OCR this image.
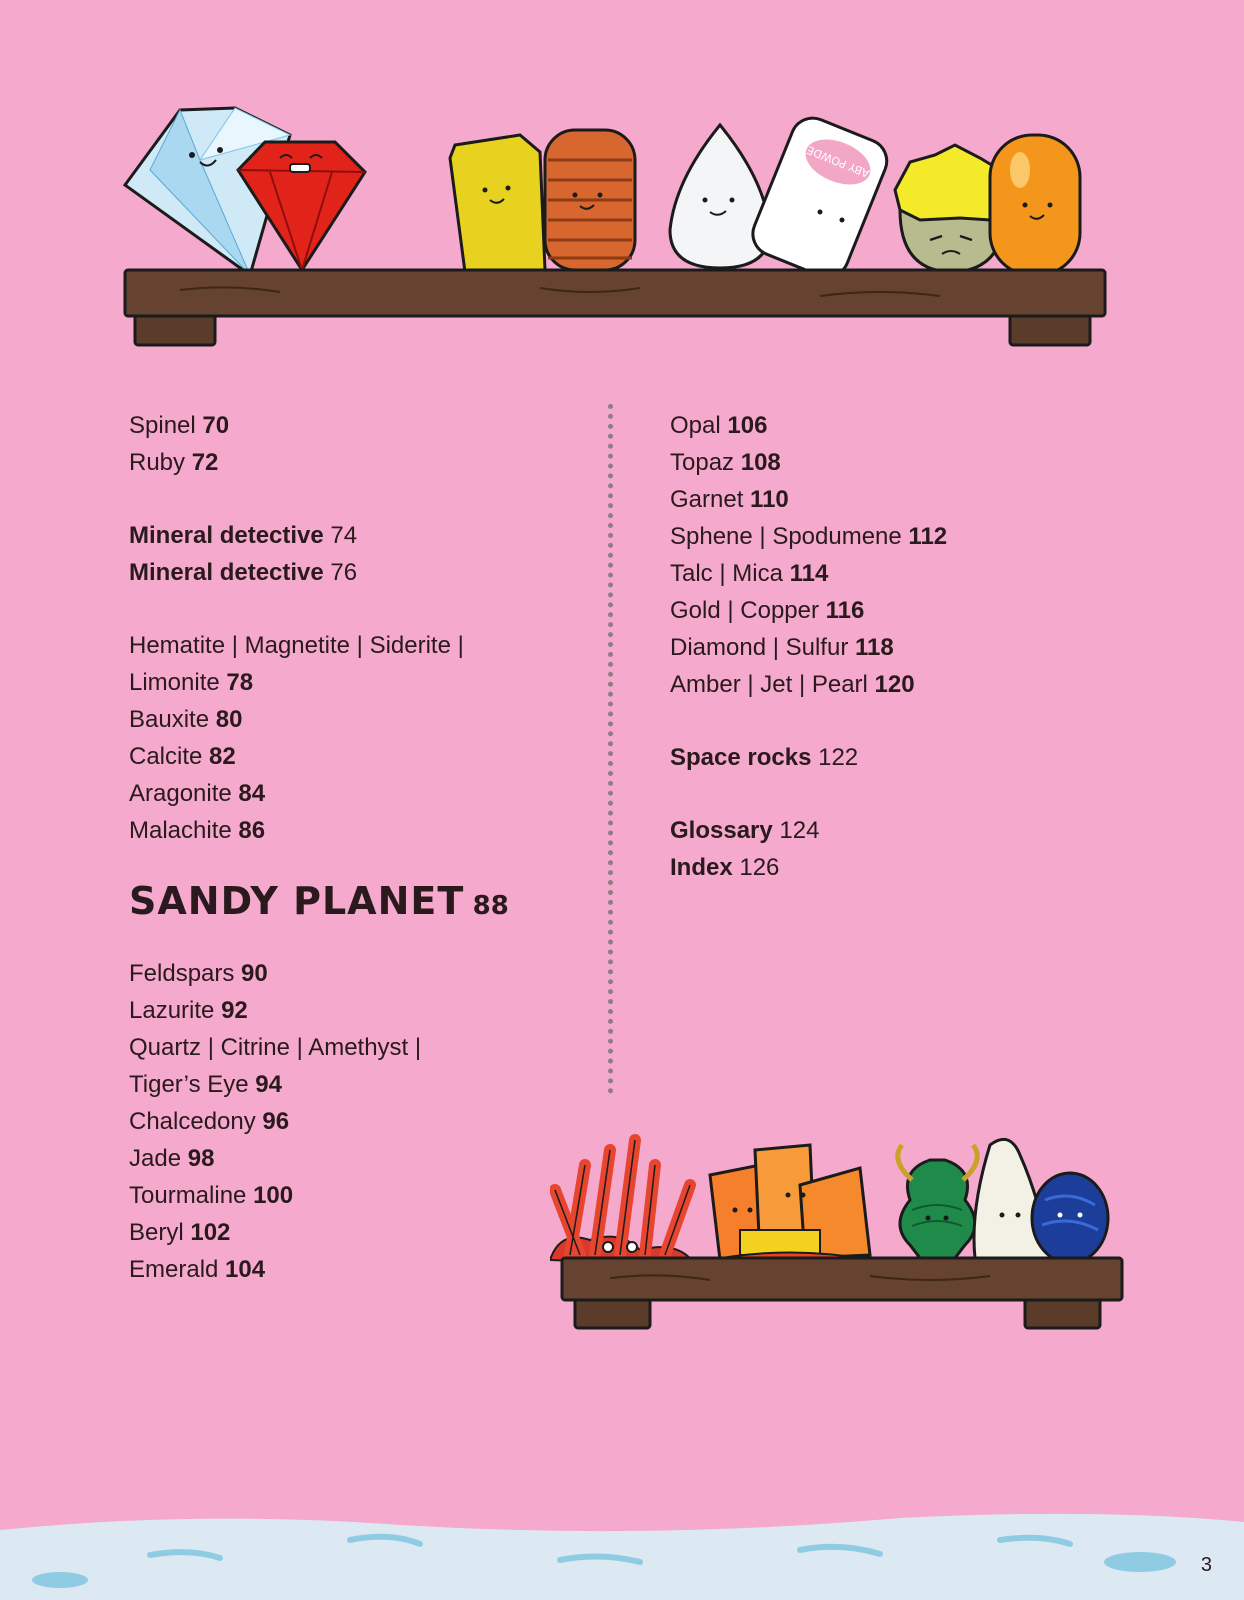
BABY POWDER
Spinel 70
Ruby 72
Mineral detective 74
Mineral detective 76
Hematite | Magnetite | Siderite |
Limonite 78
Bauxite 80
Calcite 82
Aragonite 84
Malachite 86
SANDY PLANET 88
Feldspars 90
Lazurite 92
Quartz | Citrine | Amethyst |
Tiger’s Eye 94
Chalcedony 96
Jade 98
Tourmaline 100
Beryl 102
Emerald 104
Opal 106
Topaz 108
Garnet 110
Sphene | Spodumene 112
Talc | Mica 114
Gold | Copper 116
Diamond | Sulfur 118
Amber | Jet | Pearl 120
Space rocks 122
Glossary 124
Index 126
3
